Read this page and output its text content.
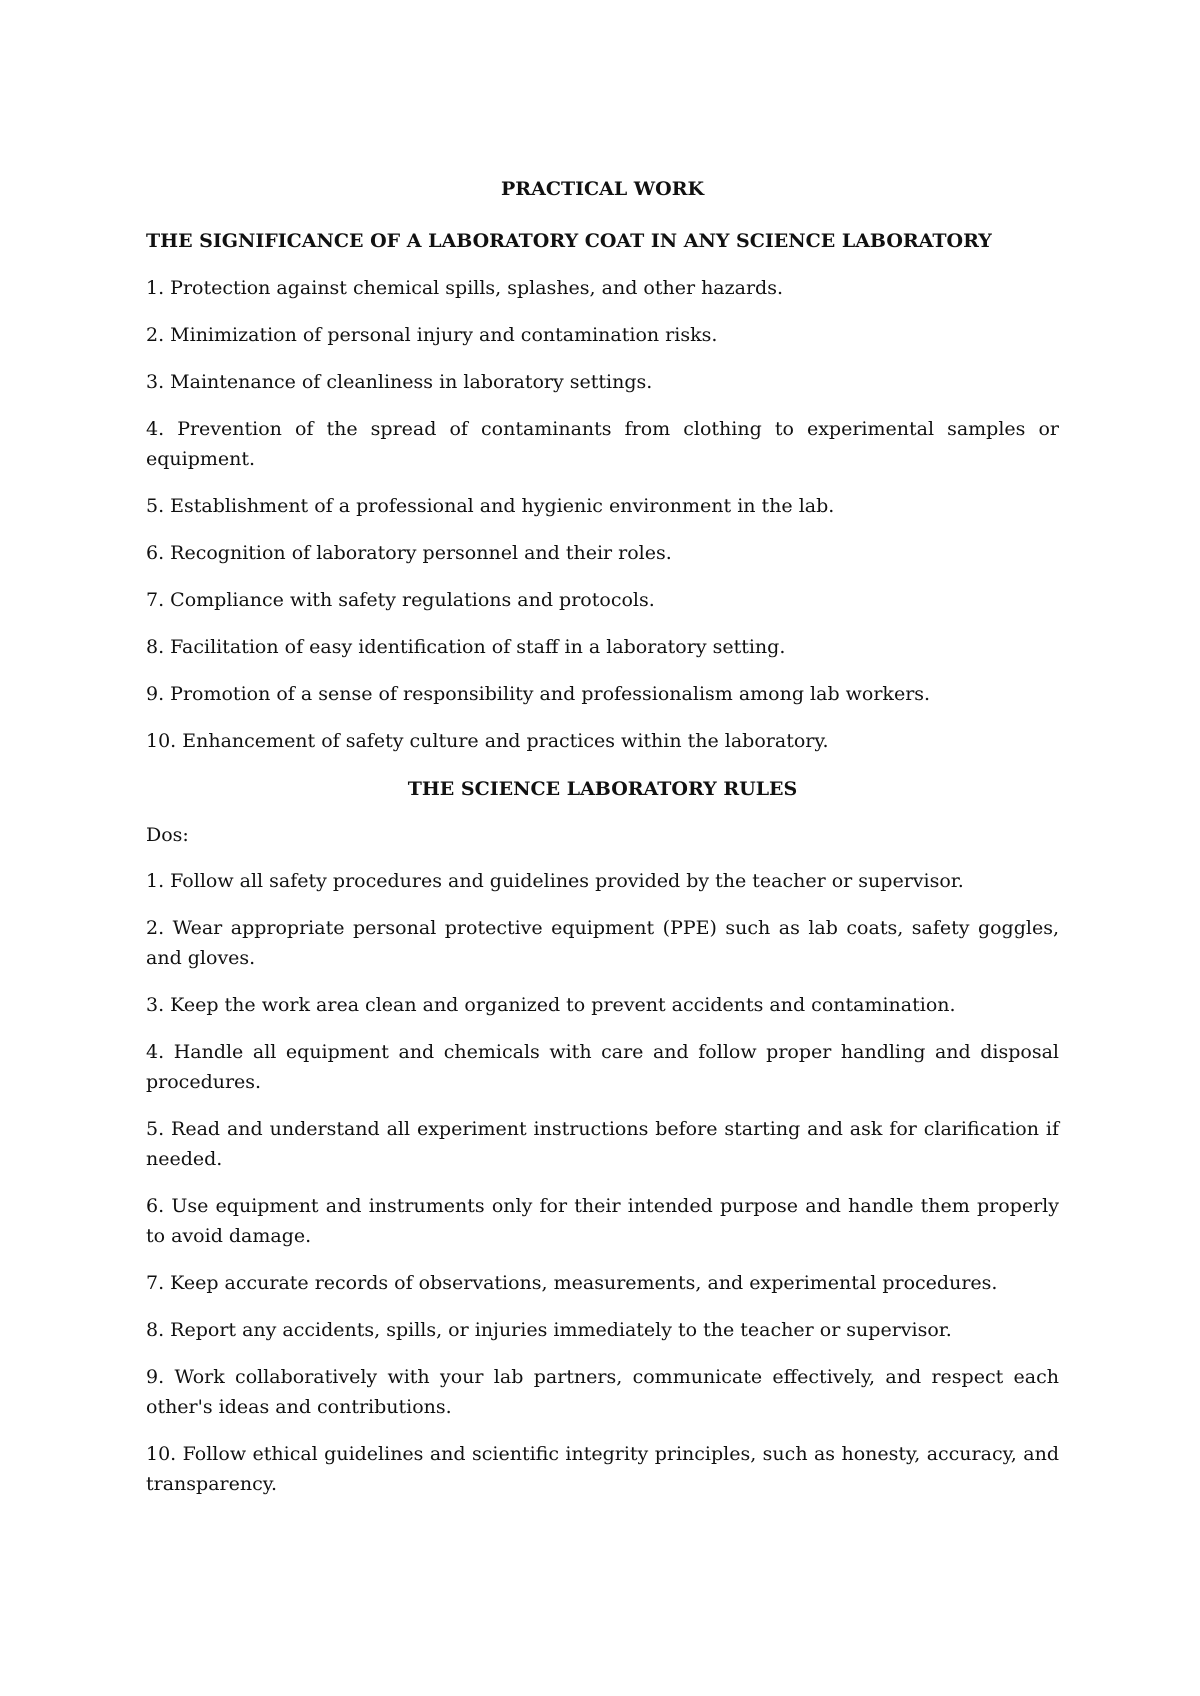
PRACTICAL WORK
THE SIGNIFICANCE OF A LABORATORY COAT IN ANY SCIENCE LABORATORY
1. Protection against chemical spills, splashes, and other hazards.
2. Minimization of personal injury and contamination risks.
3. Maintenance of cleanliness in laboratory settings.
4. Prevention of the spread of contaminants from clothing to experimental samples or equipment.
5. Establishment of a professional and hygienic environment in the lab.
6. Recognition of laboratory personnel and their roles.
7. Compliance with safety regulations and protocols.
8. Facilitation of easy identification of staff in a laboratory setting.
9. Promotion of a sense of responsibility and professionalism among lab workers.
10. Enhancement of safety culture and practices within the laboratory.
THE SCIENCE LABORATORY RULES

Dos:

1. Follow all safety procedures and guidelines provided by the teacher or supervisor.
2. Wear appropriate personal protective equipment (PPE) such as lab coats, safety goggles, and gloves.
3. Keep the work area clean and organized to prevent accidents and contamination.
4. Handle all equipment and chemicals with care and follow proper handling and disposal procedures.
5. Read and understand all experiment instructions before starting and ask for clarification if needed.
6. Use equipment and instruments only for their intended purpose and handle them properly to avoid damage.
7. Keep accurate records of observations, measurements, and experimental procedures.
8. Report any accidents, spills, or injuries immediately to the teacher or supervisor.
9. Work collaboratively with your lab partners, communicate effectively, and respect each other's ideas and contributions.
10. Follow ethical guidelines and scientific integrity principles, such as honesty, accuracy, and transparency.
